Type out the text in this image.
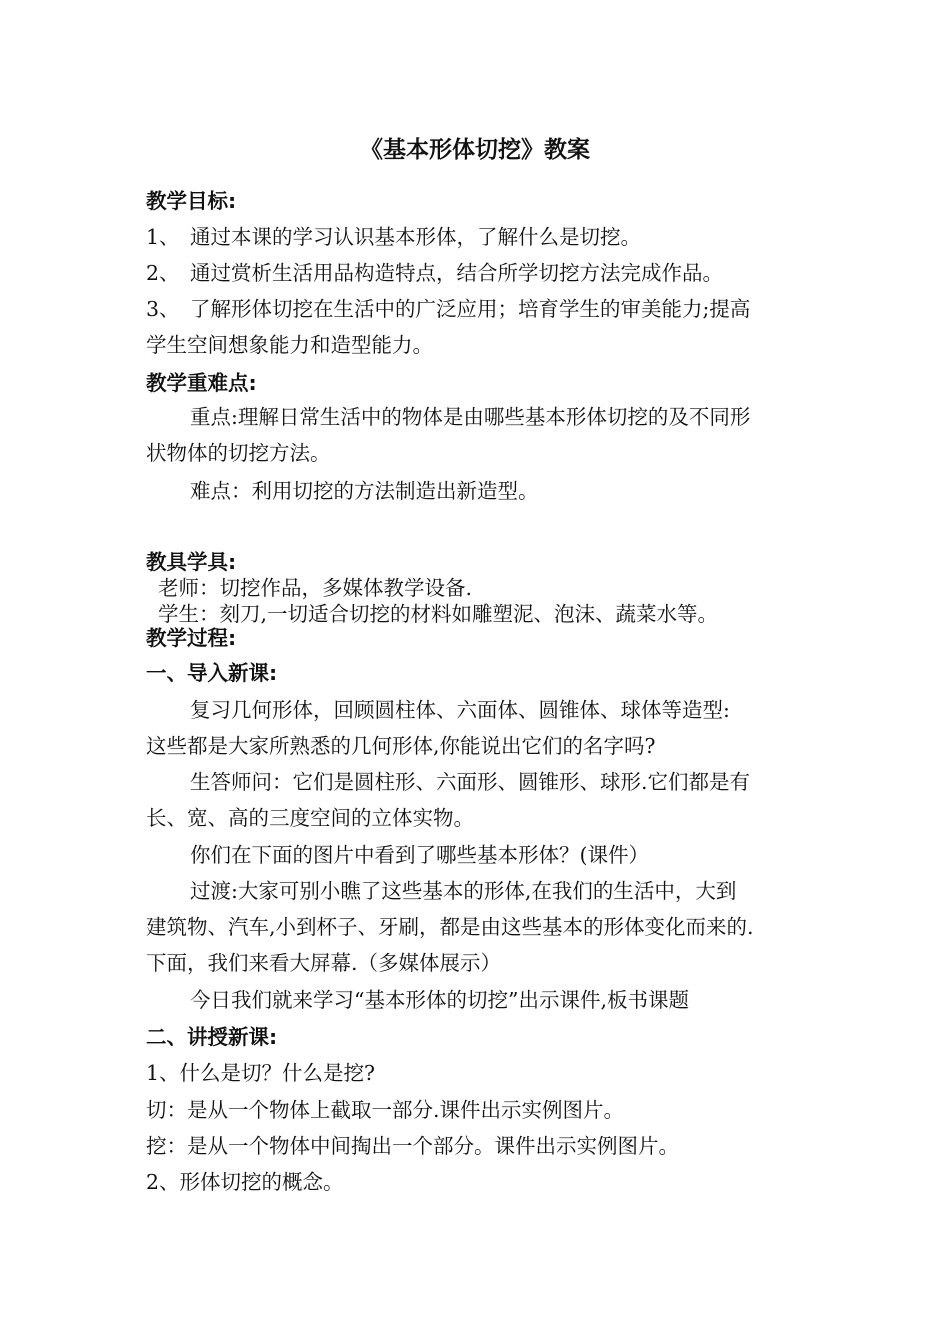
《基本形体切挖》教案

教学目标:

1、 通过本课的学习认识基本形体，了解什么是切挖。

2、 通过赏析生活用品构造特点，结合所学切挖方法完成作品。

3、 了解形体切挖在生活中的广泛应用；培育学生的审美能力;提高

学生空间想象能力和造型能力。

教学重难点:

重点:理解日常生活中的物体是由哪些基本形体切挖的及不同形

状物体的切挖方法。

难点：利用切挖的方法制造出新造型。

教具学具:

老师：切挖作品，多媒体教学设备.

学生：刻刀,一切适合切挖的材料如雕塑泥、泡沫、蔬菜水等。

教学过程:

一、导入新课:

复习几何形体，回顾圆柱体、六面体、圆锥体、球体等造型:

这些都是大家所熟悉的几何形体,你能说出它们的名字吗?

生答师问：它们是圆柱形、六面形、圆锥形、球形.它们都是有

长、宽、高的三度空间的立体实物。

你们在下面的图片中看到了哪些基本形体？(课件）

过渡:大家可别小瞧了这些基本的形体,在我们的生活中，大到

建筑物、汽车,小到杯子、牙刷，都是由这些基本的形体变化而来的.

下面，我们来看大屏幕.（多媒体展示）

今日我们就来学习“基本形体的切挖”出示课件,板书课题

二、讲授新课:

1、什么是切？什么是挖?

切：是从一个物体上截取一部分.课件出示实例图片。

挖：是从一个物体中间掏出一个部分。课件出示实例图片。

2、形体切挖的概念。
